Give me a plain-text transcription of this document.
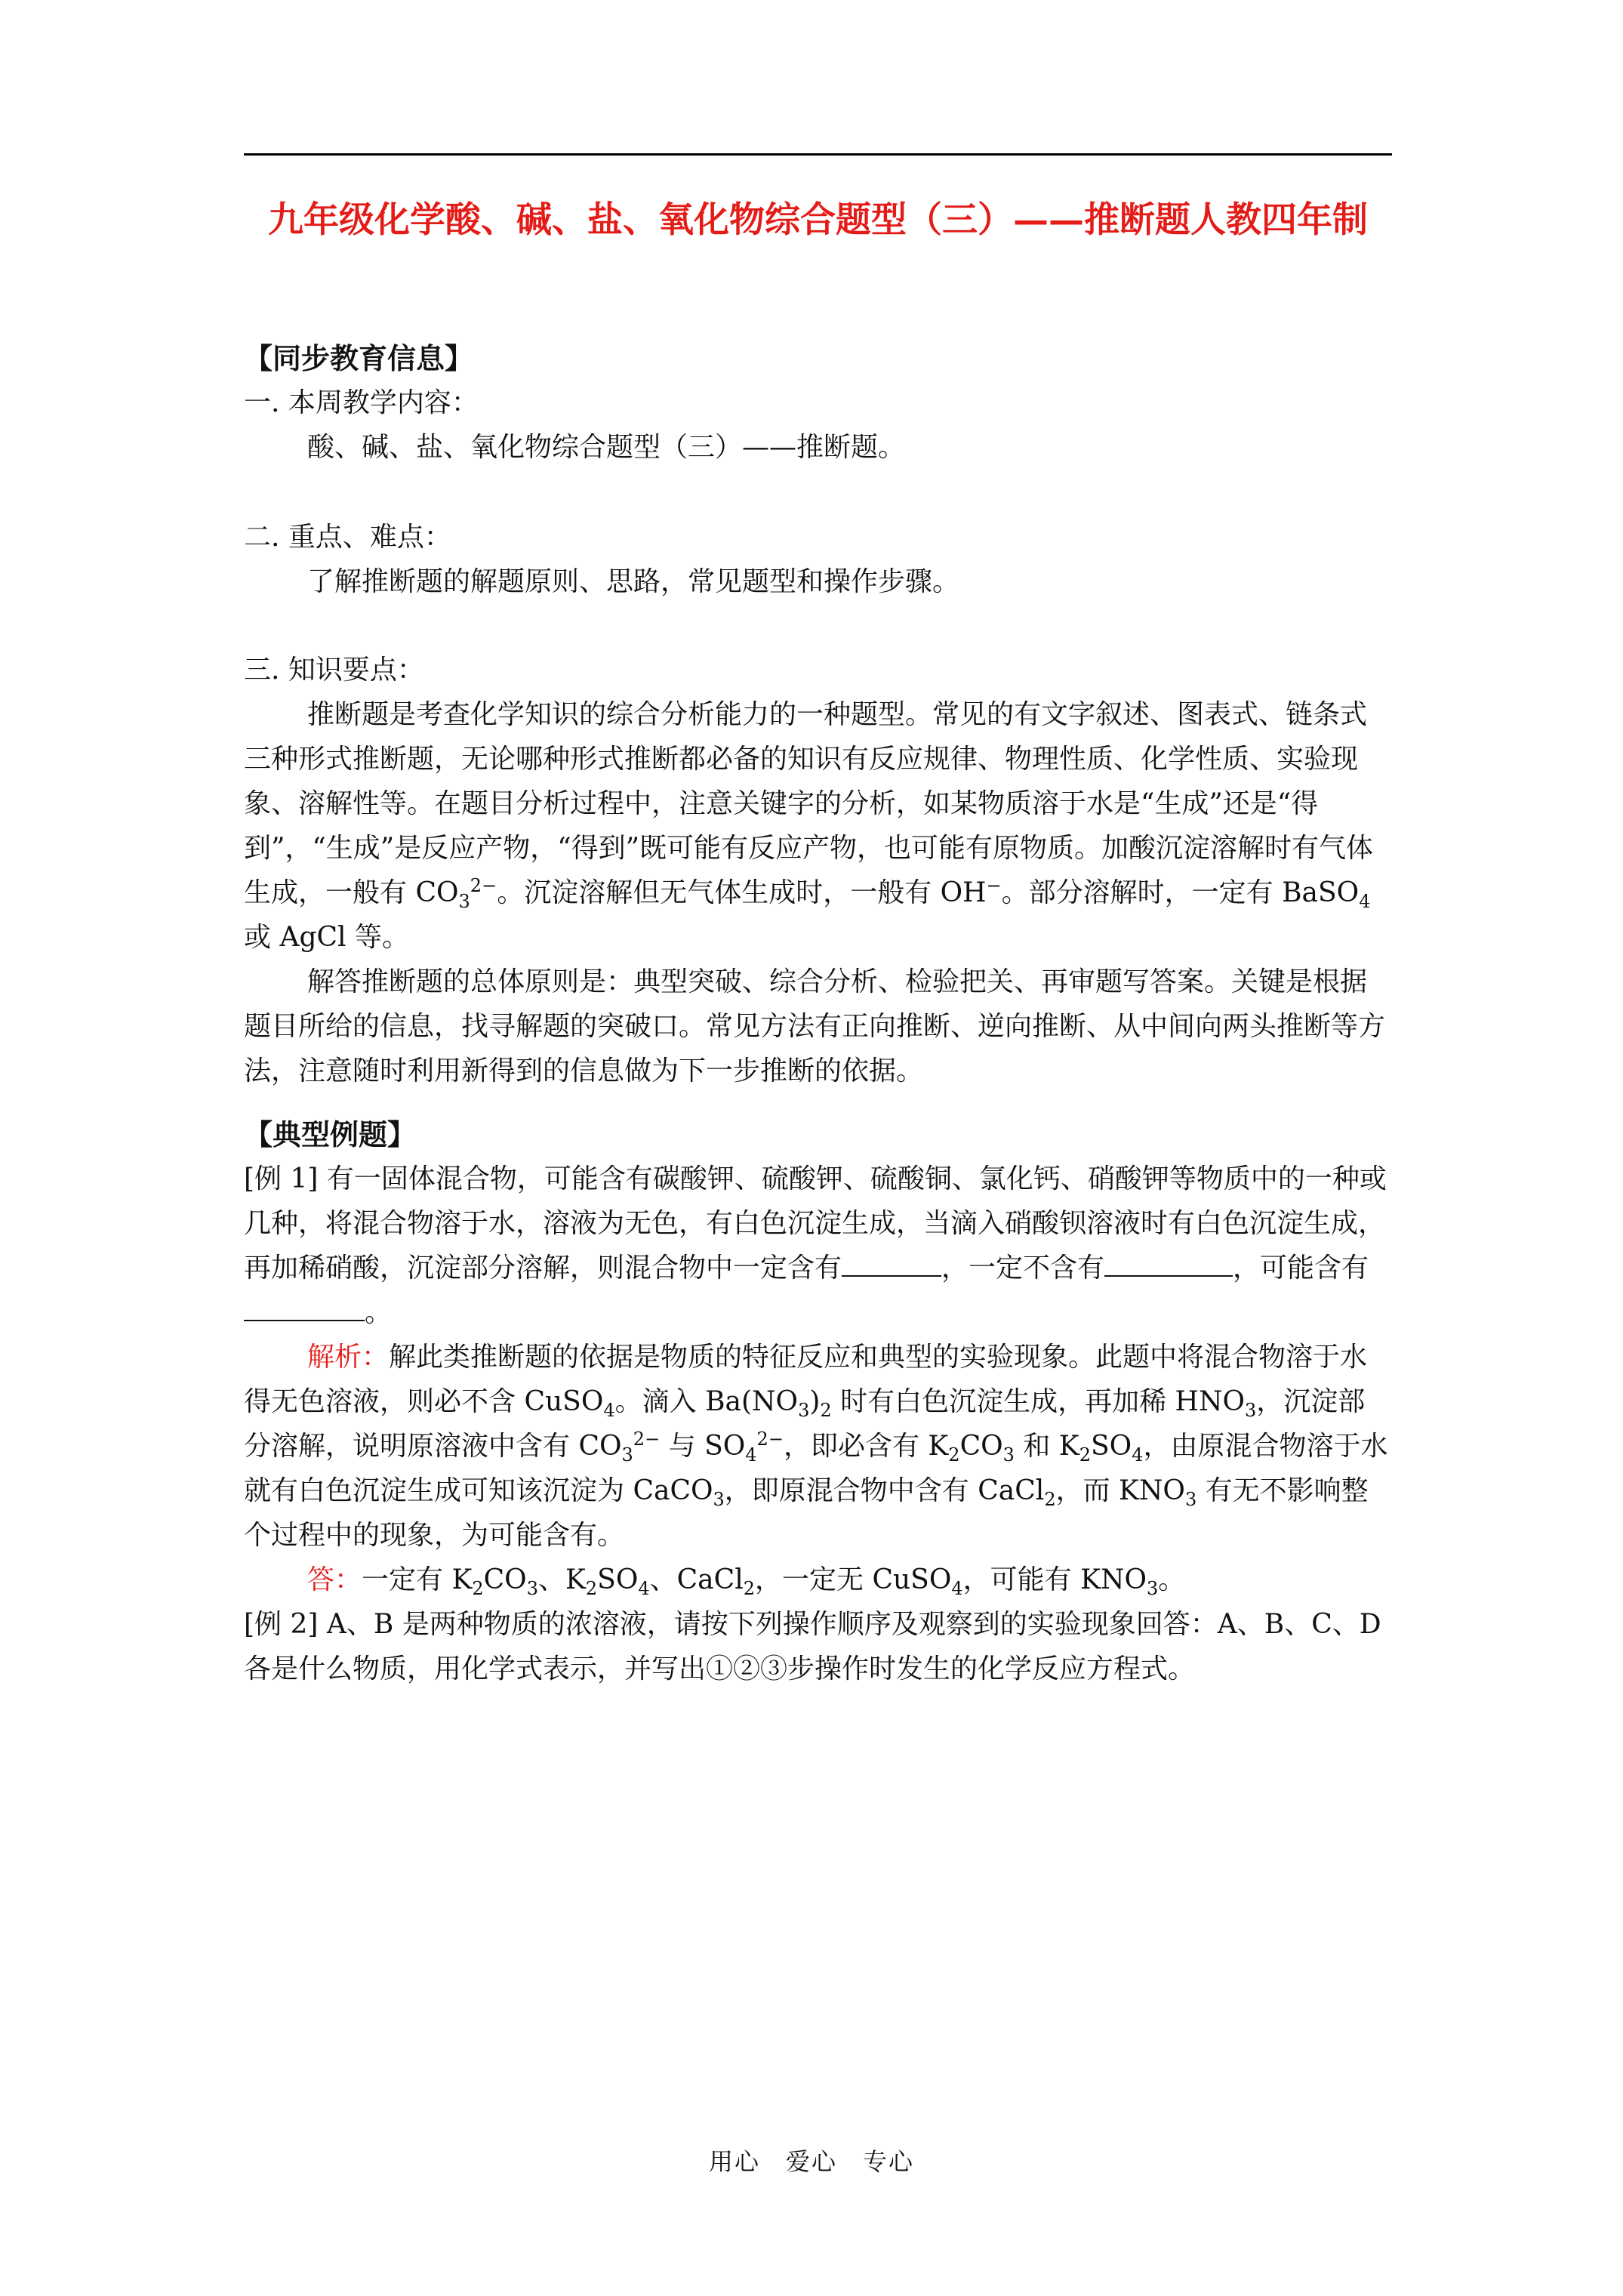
九年级化学酸、碱、盐、氧化物综合题型（三）——推断题人教四年制
【同步教育信息】
一. 本周教学内容：
酸、碱、盐、氧化物综合题型（三）——推断题。
二. 重点、难点：
了解推断题的解题原则、思路，常见题型和操作步骤。
三. 知识要点：

推断题是考查化学知识的综合分析能力的一种题型。常见的有文字叙述、图表式、链条式三种形式推断题，无论哪种形式推断都必备的知识有反应规律、物理性质、化学性质、实验现象、溶解性等。在题目分析过程中，注意关键字的分析，如某物质溶于水是“生成”还是“得到”，“生成”是反应产物，“得到”既可能有反应产物，也可能有原物质。加酸沉淀溶解时有气体生成，一般有 $CO_3^{2-}$。沉淀溶解但无气体生成时，一般有 OH−。部分溶解时，一定有 BaSO$_4$ 或 AgCl 等。

解答推断题的总体原则是：典型突破、综合分析、检验把关、再审题写答案。关键是根据题目所给的信息，找寻解题的突破口。常见方法有正向推断、逆向推断、从中间向两头推断等方法，注意随时利用新得到的信息做为下一步推断的依据。

【典型例题】

[例 1] 有一固体混合物，可能含有碳酸钾、硫酸钾、硫酸铜、氯化钙、硝酸钾等物质中的一种或几种，将混合物溶于水，溶液为无色，有白色沉淀生成，当滴入硝酸钡溶液时有白色沉淀生成，再加稀硝酸，沉淀部分溶解，则混合物中一定含有	，一定不含有	，可能含有。

解析：解此类推断题的依据是物质的特征反应和典型的实验现象。此题中将混合物溶于水得无色溶液，则必不含 CuSO$_4$。滴入 $Ba(NO_3)_2$ 时有白色沉淀生成，再加稀 $HNO_3$，沉淀部分溶解，说明原溶液中含有 $CO_3^{2-}$ 与 $SO_4^{2-}$，即必含有 $K_2CO_3$ 和 $K_2SO_4$，由原混合物溶于水就有白色沉淀生成可知该沉淀为 CaCO$_3$，即原混合物中含有 CaCl$_2$，而 $KNO_3$ 有无不影响整个过程中的现象，为可能含有。

答：一定有 $K_2CO_3$、$K_2SO_4$、CaCl$_2$，一定无 CuSO$_4$，可能有 $KNO_3$。

[例 2] A、B 是两种物质的浓溶液，请按下列操作顺序及观察到的实验现象回答：A、B、C、D 各是什么物质，用化学式表示，并写出①②③步操作时发生的化学反应方程式。

用心　爱心　专心
